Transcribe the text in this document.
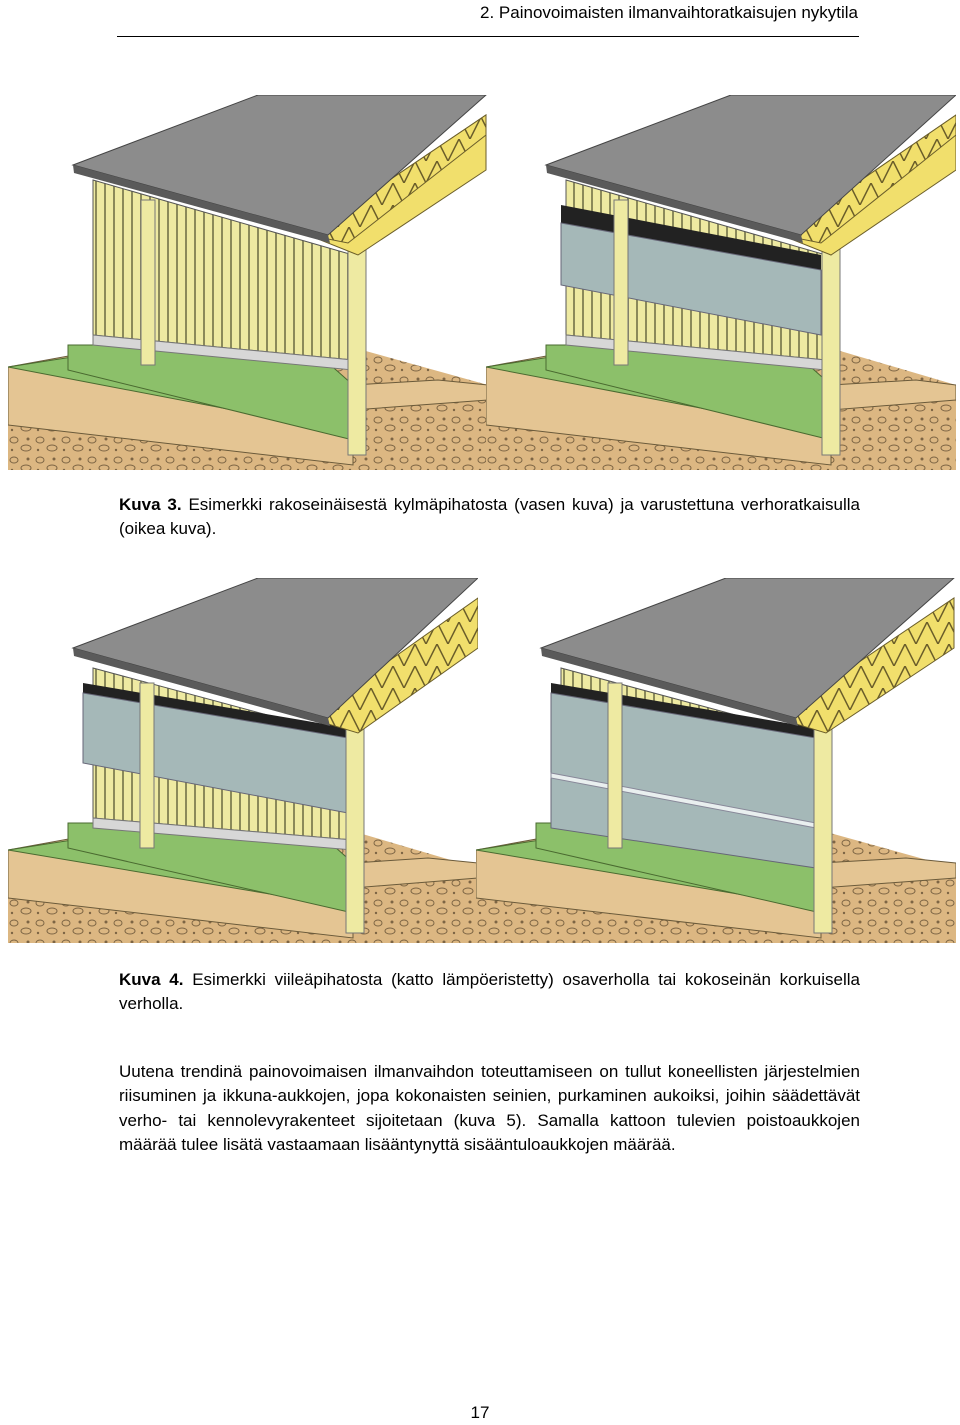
2. Painovoimaisten ilmanvaihtoratkaisujen nykytila
Kuva 3. Esimerkki rakoseinäisestä kylmäpihatosta (vasen kuva) ja varustettuna verhoratkaisulla (oikea kuva).
Kuva 4. Esimerkki viileäpihatosta (katto lämpöeristetty) osaverholla tai kokoseinän korkuisella verholla.
Uutena trendinä painovoimaisen ilmanvaihdon toteuttamiseen on tullut koneellisten järjestelmien riisuminen ja ikkuna-aukkojen, jopa kokonaisten seinien, purkaminen aukoiksi, joihin säädettävät verho- tai kennolevyrakenteet sijoitetaan (kuva 5). Samalla kattoon tulevien poistoaukkojen määrää tulee lisätä vastaamaan lisääntynyttä sisääntuloaukkojen määrää.
17
